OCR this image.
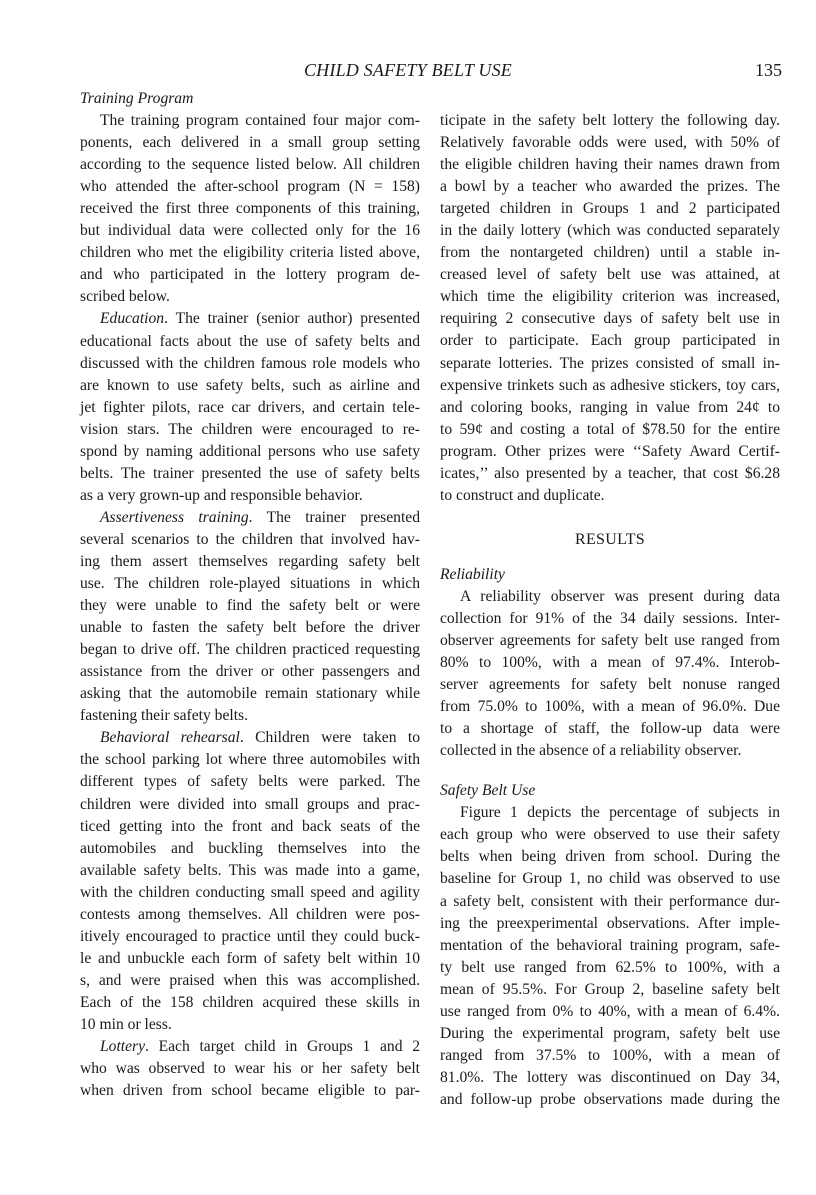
CHILD SAFETY BELT USE	135
Training Program
The training program contained four major com-
ponents, each delivered in a small group setting
according to the sequence listed below. All children
who attended the after-school program (N = 158)
received the first three components of this training,
but individual data were collected only for the 16
children who met the eligibility criteria listed above,
and who participated in the lottery program de-
scribed below.
Education. The trainer (senior author) presented
educational facts about the use of safety belts and
discussed with the children famous role models who
are known to use safety belts, such as airline and
jet fighter pilots, race car drivers, and certain tele-
vision stars. The children were encouraged to re-
spond by naming additional persons who use safety
belts. The trainer presented the use of safety belts
as a very grown-up and responsible behavior.
Assertiveness training. The trainer presented
several scenarios to the children that involved hav-
ing them assert themselves regarding safety belt
use. The children role-played situations in which
they were unable to find the safety belt or were
unable to fasten the safety belt before the driver
began to drive off. The children practiced requesting
assistance from the driver or other passengers and
asking that the automobile remain stationary while
fastening their safety belts.
Behavioral rehearsal. Children were taken to
the school parking lot where three automobiles with
different types of safety belts were parked. The
children were divided into small groups and prac-
ticed getting into the front and back seats of the
automobiles and buckling themselves into the
available safety belts. This was made into a game,
with the children conducting small speed and agility
contests among themselves. All children were pos-
itively encouraged to practice until they could buck-
le and unbuckle each form of safety belt within 10
s, and were praised when this was accomplished.
Each of the 158 children acquired these skills in
10 min or less.
Lottery. Each target child in Groups 1 and 2
who was observed to wear his or her safety belt
when driven from school became eligible to par-
ticipate in the safety belt lottery the following day.
Relatively favorable odds were used, with 50% of
the eligible children having their names drawn from
a bowl by a teacher who awarded the prizes. The
targeted children in Groups 1 and 2 participated
in the daily lottery (which was conducted separately
from the nontargeted children) until a stable in-
creased level of safety belt use was attained, at
which time the eligibility criterion was increased,
requiring 2 consecutive days of safety belt use in
order to participate. Each group participated in
separate lotteries. The prizes consisted of small in-
expensive trinkets such as adhesive stickers, toy cars,
and coloring books, ranging in value from 24¢ to
to 59¢ and costing a total of $78.50 for the entire
program. Other prizes were ‘‘Safety Award Certif-
icates,’’ also presented by a teacher, that cost $6.28
to construct and duplicate.
RESULTS
Reliability
A reliability observer was present during data
collection for 91% of the 34 daily sessions. Inter-
observer agreements for safety belt use ranged from
80% to 100%, with a mean of 97.4%. Interob-
server agreements for safety belt nonuse ranged
from 75.0% to 100%, with a mean of 96.0%. Due
to a shortage of staff, the follow-up data were
collected in the absence of a reliability observer.
Safety Belt Use
Figure 1 depicts the percentage of subjects in
each group who were observed to use their safety
belts when being driven from school. During the
baseline for Group 1, no child was observed to use
a safety belt, consistent with their performance dur-
ing the preexperimental observations. After imple-
mentation of the behavioral training program, safe-
ty belt use ranged from 62.5% to 100%, with a
mean of 95.5%. For Group 2, baseline safety belt
use ranged from 0% to 40%, with a mean of 6.4%.
During the experimental program, safety belt use
ranged from 37.5% to 100%, with a mean of
81.0%. The lottery was discontinued on Day 34,
and follow-up probe observations made during the
